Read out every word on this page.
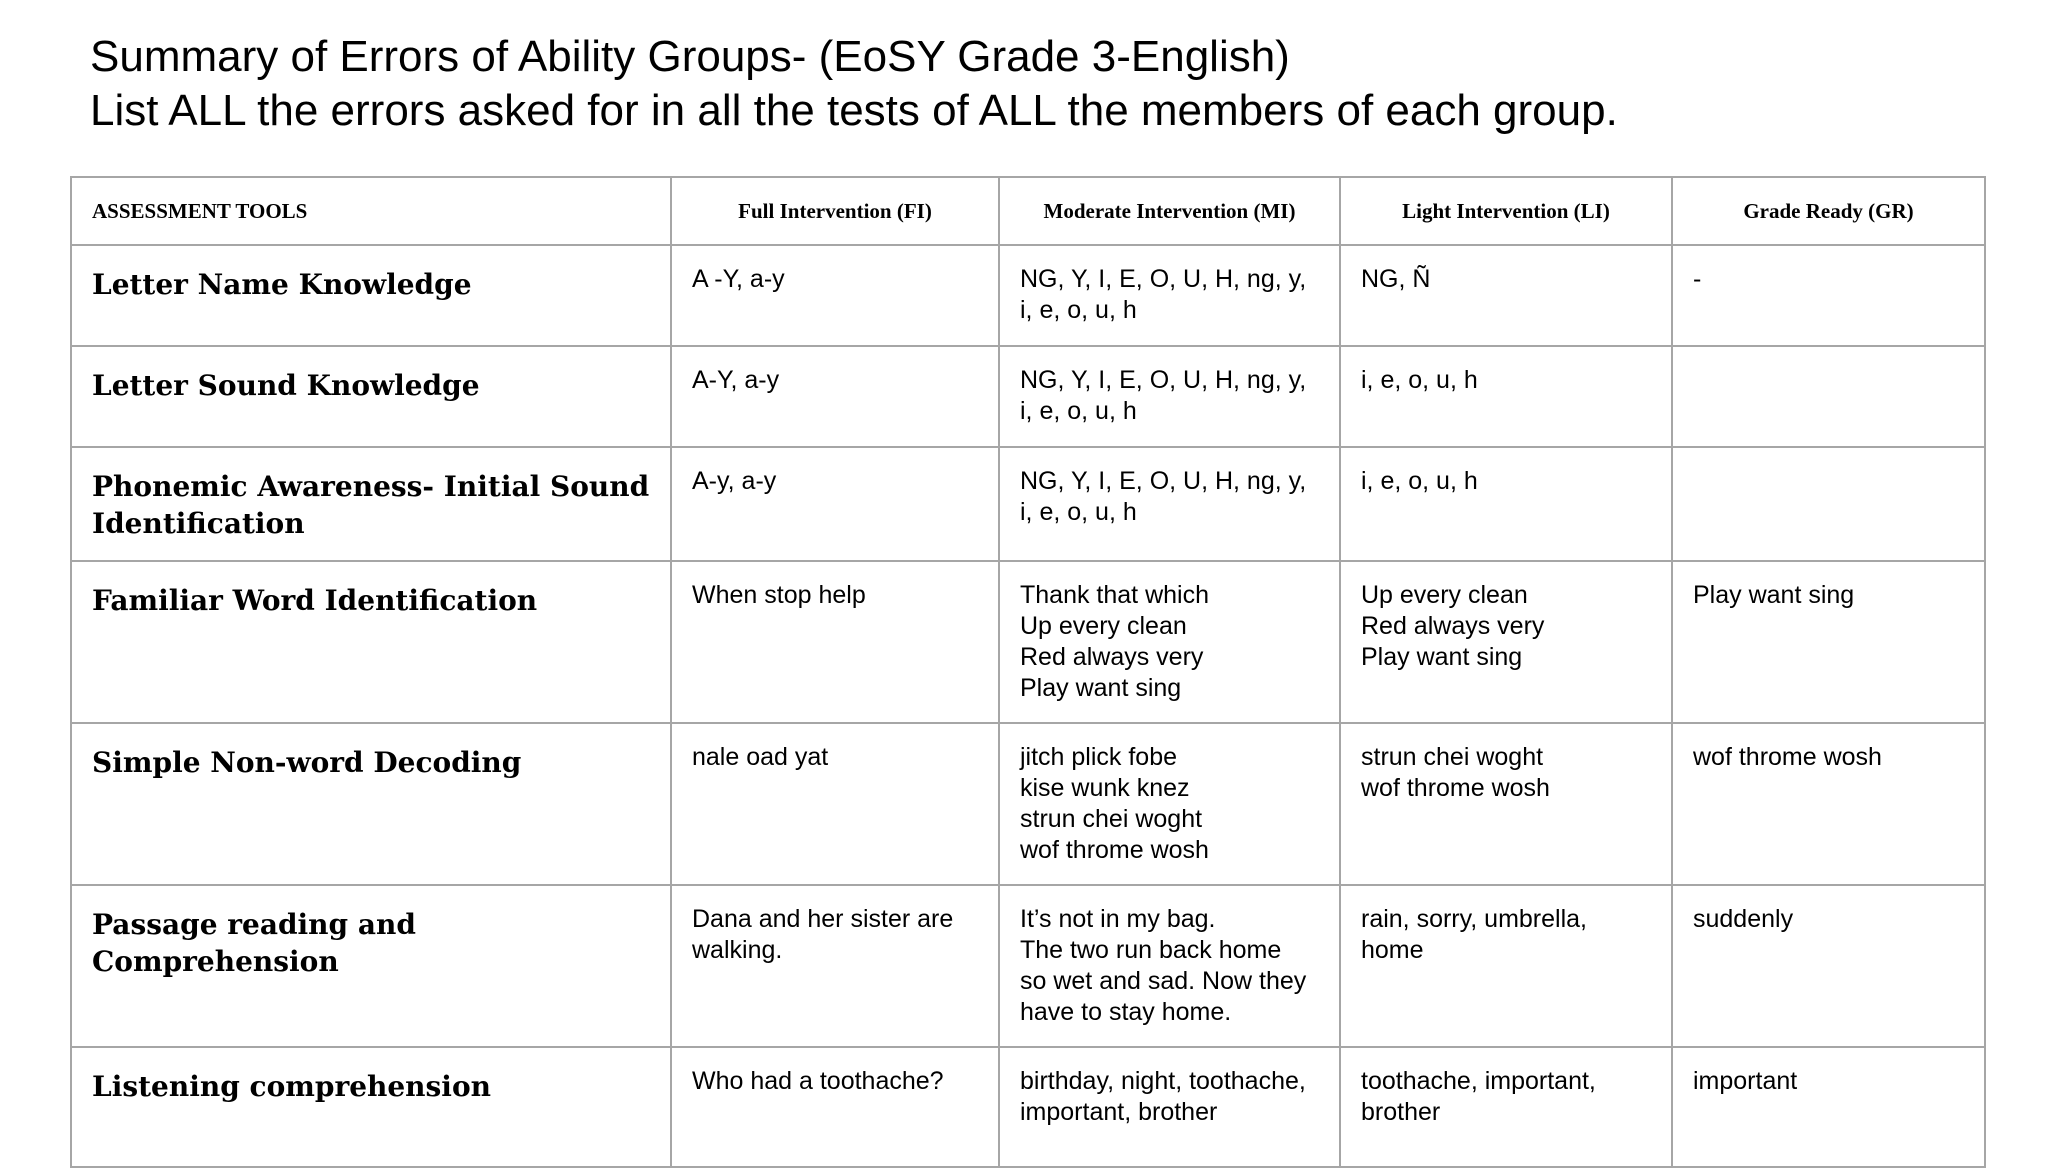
Summary of Errors of Ability Groups- (EoSY Grade 3-English)
List ALL the errors asked for in all the tests of ALL the members of each group.
ASSESSMENT TOOLS	Full Intervention (FI)	Moderate Intervention (MI)	Light Intervention (LI)	Grade Ready (GR)
Letter Name Knowledge	A -Y, a-y	NG, Y, I, E, O, U, H, ng, y,
i, e, o, u, h	NG, Ñ	-
Letter Sound Knowledge	A-Y, a-y	NG, Y, I, E, O, U, H, ng, y,
i, e, o, u, h	i, e, o, u, h	
Phonemic Awareness- Initial Sound Identification	A-y, a-y	NG, Y, I, E, O, U, H, ng, y,
i, e, o, u, h	i, e, o, u, h	
Familiar Word Identification	When stop help	Thank that which
Up every clean
Red always very
Play want sing	Up every clean
Red always very
Play want sing	Play want sing
Simple Non-word Decoding	nale oad yat	jitch plick fobe
kise wunk knez
strun chei woght
wof throme wosh	strun chei woght
wof throme wosh	wof throme wosh
Passage reading and Comprehension	Dana and her sister are
walking.	It’s not in my bag.
The two run back home
so wet and sad. Now they
have to stay home.	rain, sorry, umbrella,
home	suddenly
Listening comprehension	Who had a toothache?	birthday, night, toothache,
important, brother	toothache, important,
brother	important
